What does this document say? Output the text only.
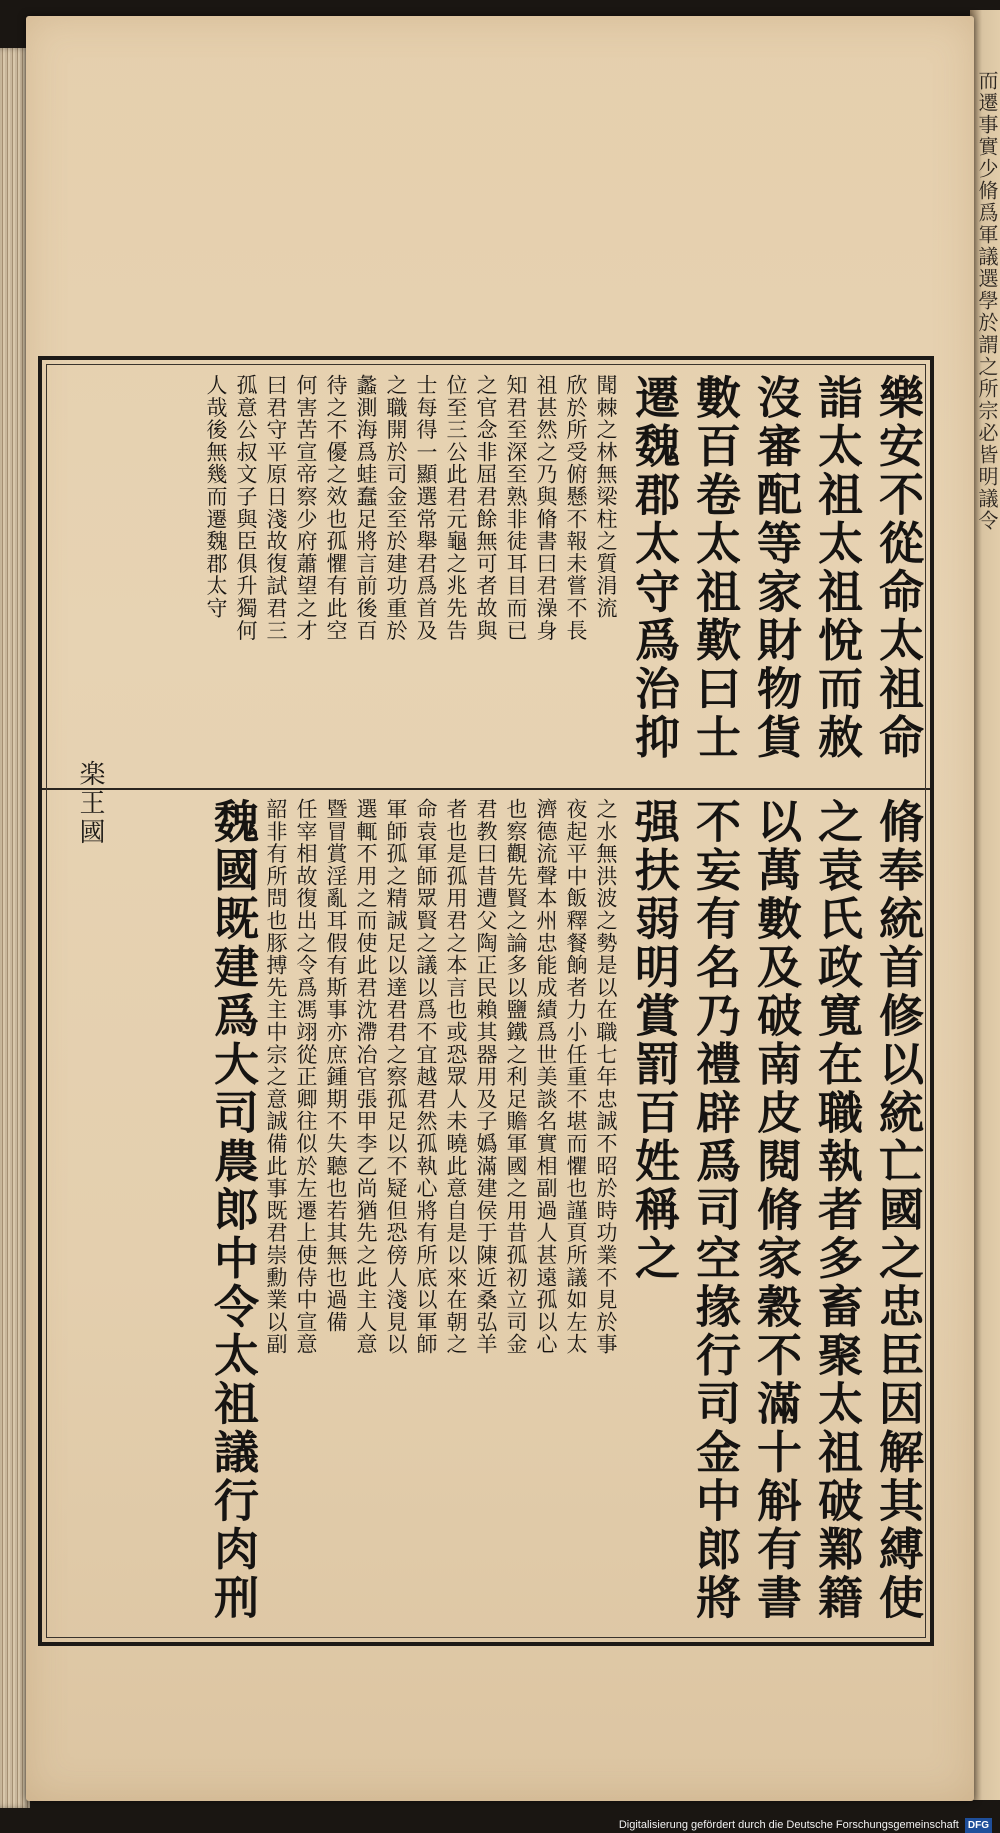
而遷事實少脩爲軍議選學於謂之所宗必皆明議令
樂安不從命太祖命
詣太祖太祖悅而赦
沒審配等家財物貨
數百卷太祖歎曰士
遷魏郡太守爲治抑
聞棘之林無梁柱之質涓流
欣於所受俯懸不報未嘗不長
祖甚然之乃與脩書曰君澡身
知君至深至熟非徒耳目而已
之官念非屈君餘無可者故與
位至三公此君元龜之兆先告
士每得一顯選常舉君爲首及
之職開於司金至於建功重於
蠡測海爲蛙蠢足將言前後百
待之不優之效也孤懼有此空
何害苦宣帝察少府蕭望之才
曰君守平原日淺故復試君三
孤意公叔文子與臣俱升獨何
人哉後無幾而遷魏郡太守
脩奉統首修以統亡國之忠臣因解其縛使
之袁氏政寬在職執者多畜聚太祖破鄴籍
以萬數及破南皮閱脩家穀不滿十斛有書
不妄有名乃禮辟爲司空掾行司金中郎將
强扶弱明賞罰百姓稱之
之水無洪波之勢是以在職七年忠誠不昭於時功業不見於事
夜起平中飯釋餐餉者力小任重不堪而懼也謹頁所議如左太
濟德流聲本州忠能成績爲世美談名實相副過人甚遠孤以心
也察觀先賢之論多以鹽鐵之利足贍軍國之用昔孤初立司金
君教曰昔遭父陶正民賴其器用及子嬀滿建侯于陳近桑弘羊
者也是孤用君之本言也或恐眾人未曉此意自是以來在朝之
命袁軍師眾賢之議以爲不宜越君然孤執心將有所底以軍師
軍師孤之精誠足以達君君之察孤足以不疑但恐傍人淺見以
選輒不用之而使此君沈滯冶官張甲李乙尚猶先之此主人意
暨冒賞淫亂耳假有斯事亦庶鍾期不失聽也若其無也過備
任宰相故復出之令爲馮翊從正卿往似於左遷上使侍中宣意
韶非有所問也豚搏先主中宗之意誠備此事既君崇勳業以副
魏國既建爲大司農郎中令太祖議行肉刑
楽王國
Digitalisierung gefördert durch die Deutsche Forschungsgemeinschaft DFG
